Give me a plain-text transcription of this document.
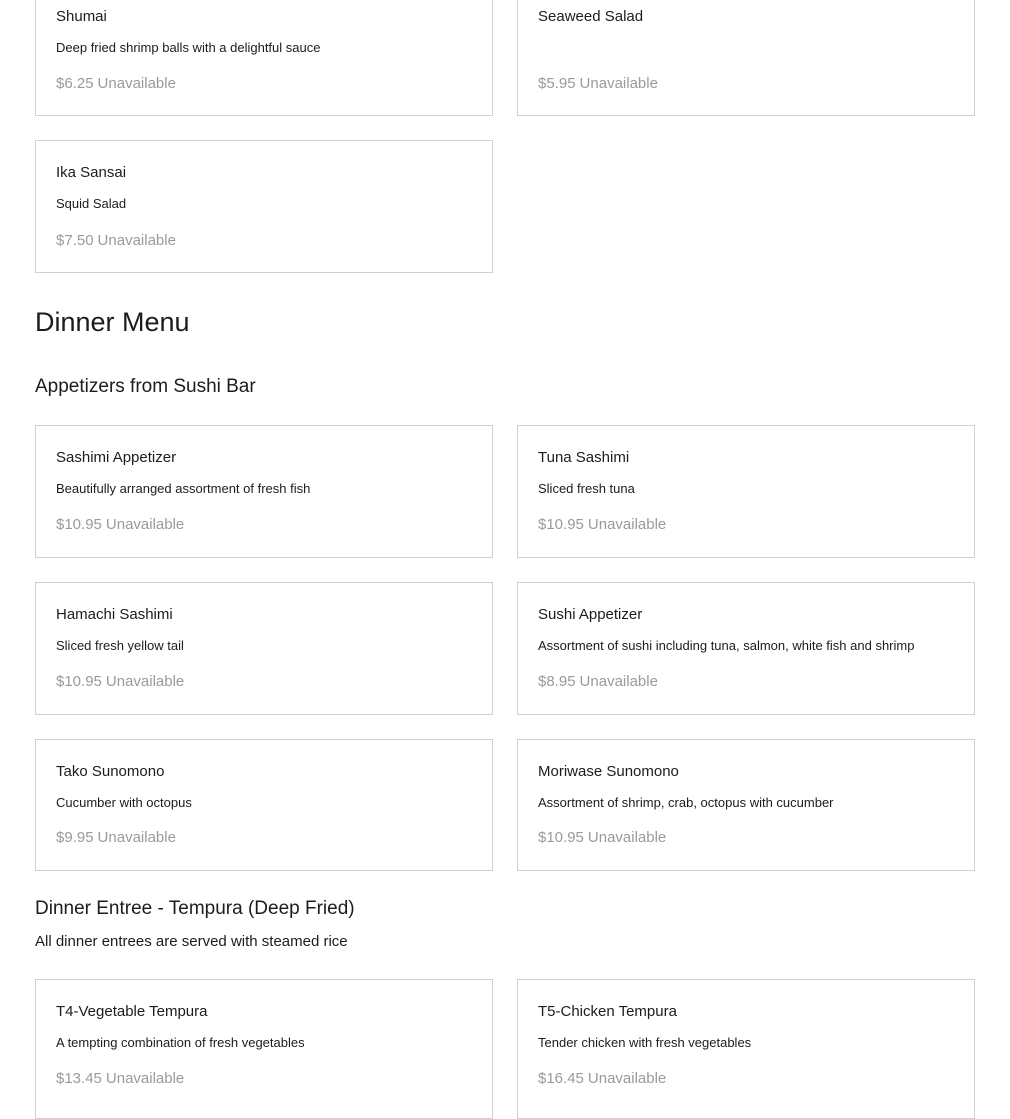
Shumai
Deep fried shrimp balls with a delightful sauce
$6.25 Unavailable
Seaweed Salad
$5.95 Unavailable
Ika Sansai
Squid Salad
$7.50 Unavailable
Dinner Menu
Appetizers from Sushi Bar
Sashimi Appetizer
Beautifully arranged assortment of fresh fish
$10.95 Unavailable
Tuna Sashimi
Sliced fresh tuna
$10.95 Unavailable
Hamachi Sashimi
Sliced fresh yellow tail
$10.95 Unavailable
Sushi Appetizer
Assortment of sushi including tuna, salmon, white fish and shrimp
$8.95 Unavailable
Tako Sunomono
Cucumber with octopus
$9.95 Unavailable
Moriwase Sunomono
Assortment of shrimp, crab, octopus with cucumber
$10.95 Unavailable
Dinner Entree - Tempura (Deep Fried)
All dinner entrees are served with steamed rice
T4-Vegetable Tempura
A tempting combination of fresh vegetables
$13.45 Unavailable
T5-Chicken Tempura
Tender chicken with fresh vegetables
$16.45 Unavailable
